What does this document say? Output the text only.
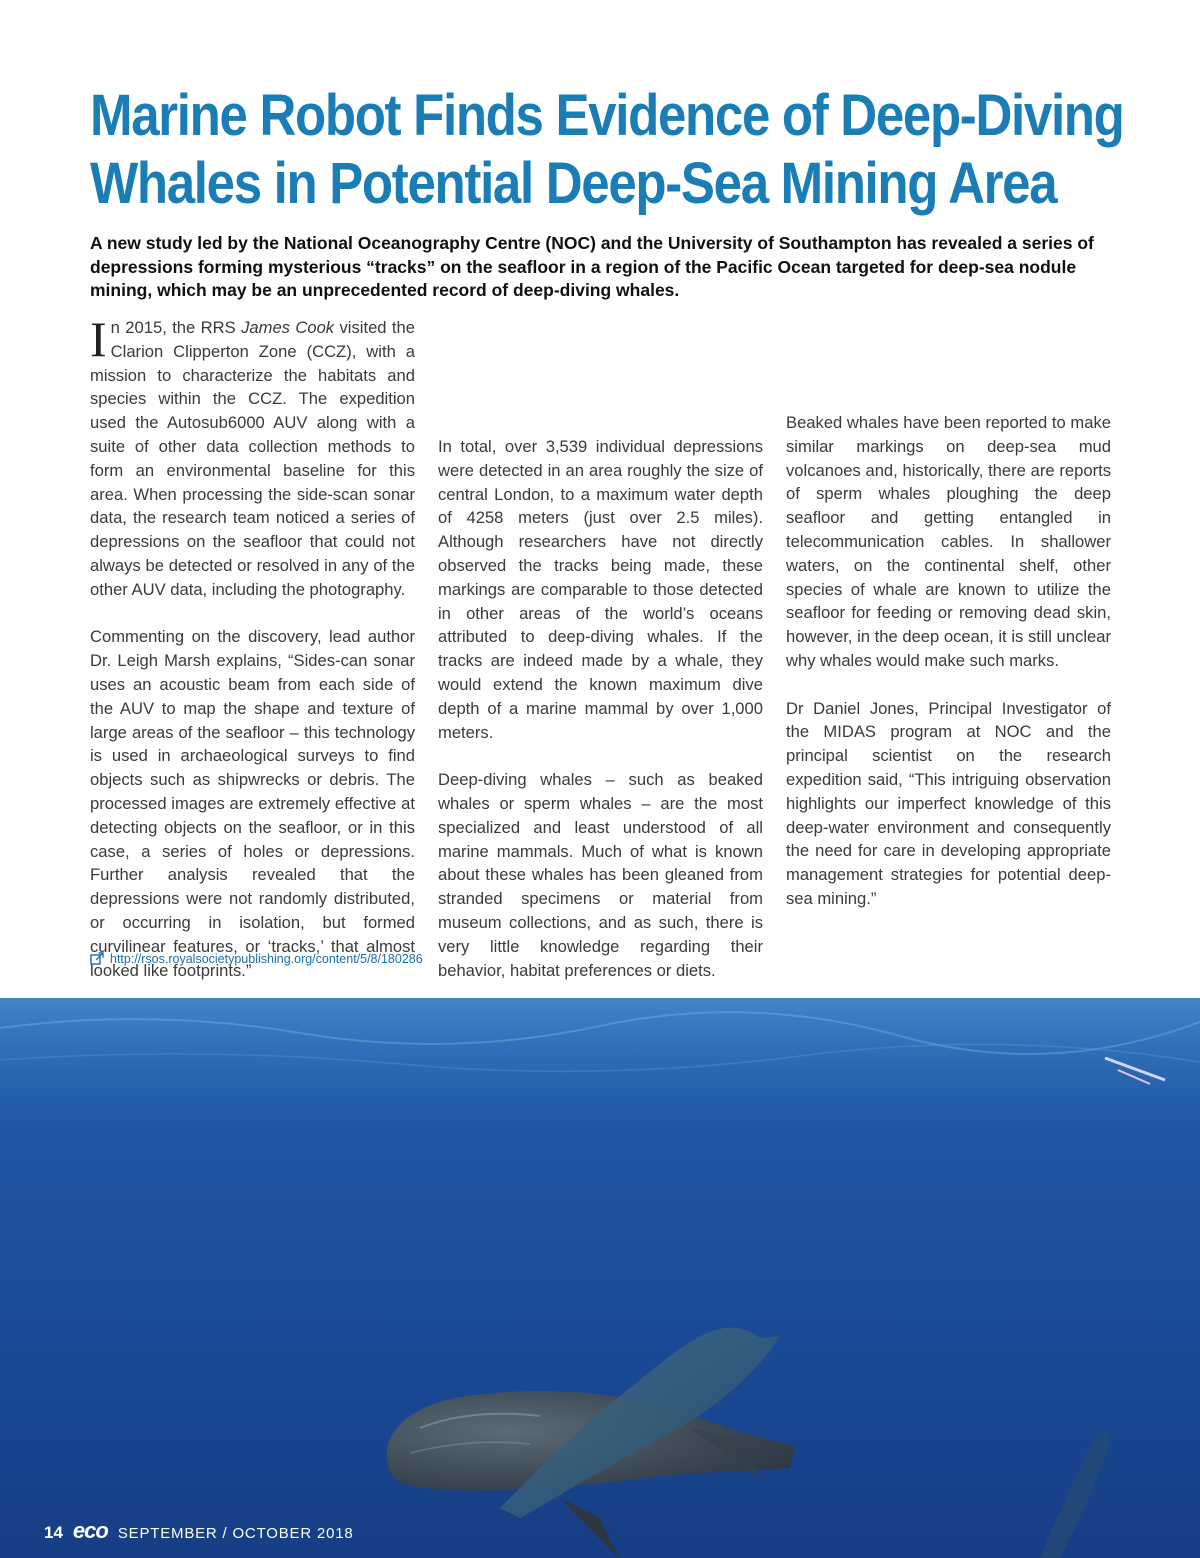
Marine Robot Finds Evidence of Deep-Diving
Whales in Potential Deep-Sea Mining Area

A new study led by the National Oceanography Centre (NOC) and the University of Southampton has revealed a series of depressions forming mysterious “tracks” on the seafloor in a region of the Pacific Ocean targeted for deep-sea nodule mining, which may be an unprecedented record of deep-diving whales.

In 2015, the RRS James Cook visited the Clarion Clipperton Zone (CCZ), with a mission to characterize the habitats and species within the CCZ. The expedition used the Autosub6000 AUV along with a suite of other data collection methods to form an environmental baseline for this area. When processing the side-scan sonar data, the research team noticed a series of depressions on the seafloor that could not always be detected or resolved in any of the other AUV data, including the photography.

Commenting on the discovery, lead author Dr. Leigh Marsh explains, “Sides-can sonar uses an acoustic beam from each side of the AUV to map the shape and texture of large areas of the seafloor – this technology is used in archaeological surveys to find objects such as shipwrecks or debris. The processed images are extremely effective at detecting objects on the seafloor, or in this case, a series of holes or depressions. Further analysis revealed that the depressions were not randomly distributed, or occurring in isolation, but formed curvilinear features, or ‘tracks,’ that almost looked like footprints.”

In total, over 3,539 individual depressions were detected in an area roughly the size of central London, to a maximum water depth of 4258 meters (just over 2.5 miles). Although researchers have not directly observed the tracks being made, these markings are comparable to those detected in other areas of the world’s oceans attributed to deep-diving whales. If the tracks are indeed made by a whale, they would extend the known maximum dive depth of a marine mammal by over 1,000 meters.

Deep-diving whales – such as beaked whales or sperm whales – are the most specialized and least understood of all marine mammals. Much of what is known about these whales has been gleaned from stranded specimens or material from museum collections, and as such, there is very little knowledge regarding their behavior, habitat preferences or diets.

Beaked whales have been reported to make similar markings on deep-sea mud volcanoes and, historically, there are reports of sperm whales ploughing the deep seafloor and getting entangled in telecommunication cables. In shallower waters, on the continental shelf, other species of whale are known to utilize the seafloor for feeding or removing dead skin, however, in the deep ocean, it is still unclear why whales would make such marks.

Dr Daniel Jones, Principal Investigator of the MIDAS program at NOC and the principal scientist on the research expedition said, “This intriguing observation highlights our imperfect knowledge of this deep-water environment and consequently the need for care in developing appropriate management strategies for potential deep-sea mining.”

http://rsos.royalsocietypublishing.org/content/5/8/180286
14 eco SEPTEMBER / OCTOBER 2018
